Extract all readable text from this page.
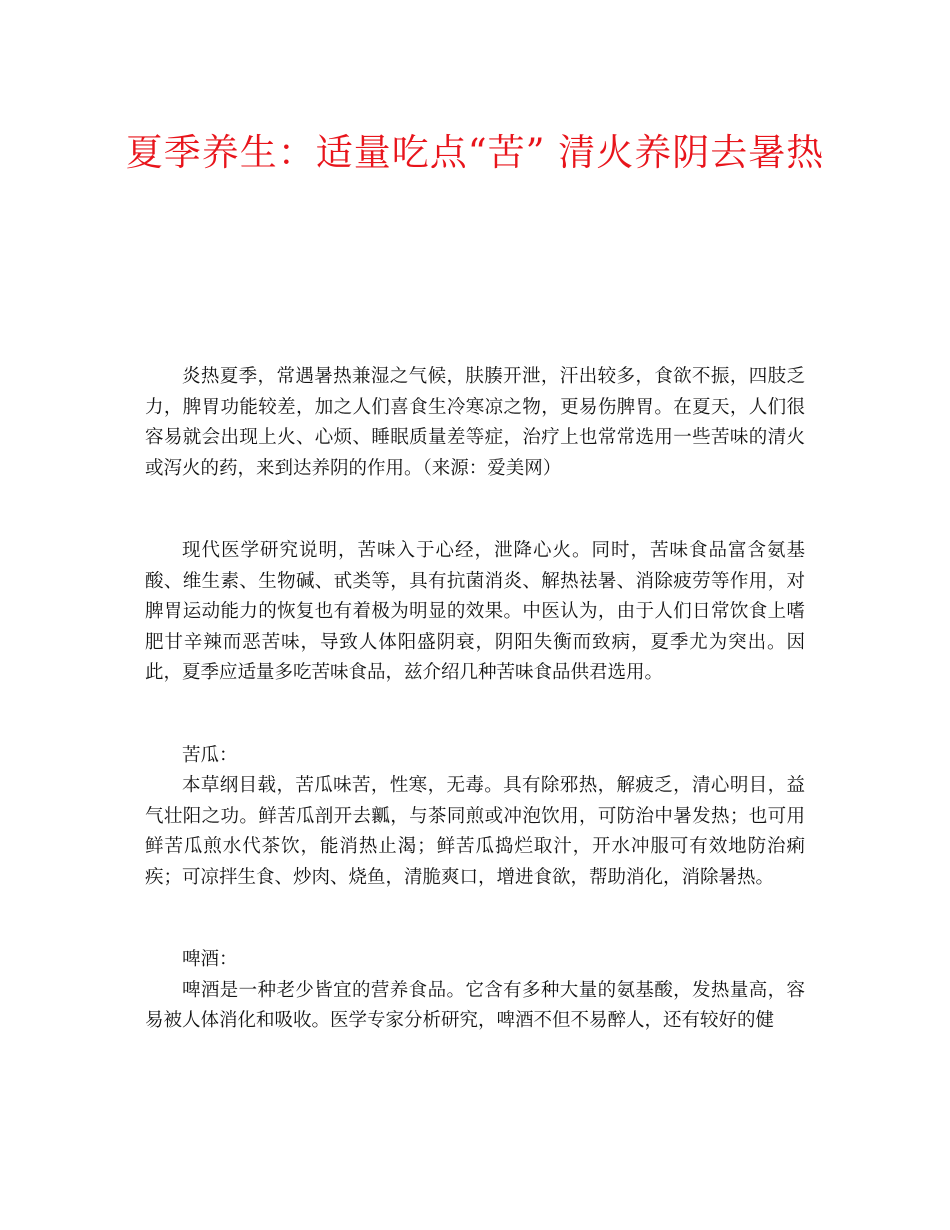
夏季养生：适量吃点“苦” 清火养阴去暑热

炎热夏季，常遇暑热兼湿之气候，肤腠开泄，汗出较多，食欲不振，四肢乏力，脾胃功能较差，加之人们喜食生冷寒凉之物，更易伤脾胃。在夏天，人们很容易就会出现上火、心烦、睡眠质量差等症，治疗上也常常选用一些苦味的清火或泻火的药，来到达养阴的作用。（来源：爱美网）

现代医学研究说明，苦味入于心经，泄降心火。同时，苦味食品富含氨基酸、维生素、生物碱、甙类等，具有抗菌消炎、解热祛暑、消除疲劳等作用，对脾胃运动能力的恢复也有着极为明显的效果。中医认为，由于人们日常饮食上嗜肥甘辛辣而恶苦味，导致人体阳盛阴衰，阴阳失衡而致病，夏季尤为突出。因此，夏季应适量多吃苦味食品，兹介绍几种苦味食品供君选用。

苦瓜：

本草纲目载，苦瓜味苦，性寒，无毒。具有除邪热，解疲乏，清心明目，益气壮阳之功。鲜苦瓜剖开去瓤，与茶同煎或冲泡饮用，可防治中暑发热；也可用鲜苦瓜煎水代茶饮，能消热止渴；鲜苦瓜捣烂取汁，开水冲服可有效地防治痢疾；可凉拌生食、炒肉、烧鱼，清脆爽口，增进食欲，帮助消化，消除暑热。

啤酒：

啤酒是一种老少皆宜的营养食品。它含有多种大量的氨基酸，发热量高，容易被人体消化和吸收。医学专家分析研究，啤酒不但不易醉人，还有较好的健
